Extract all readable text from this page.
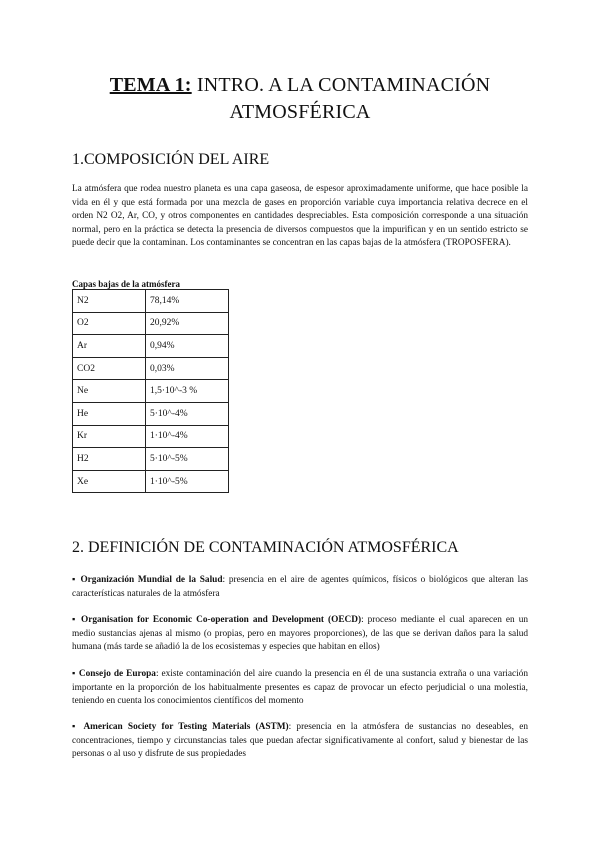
TEMA 1: INTRO. A LA CONTAMINACIÓN
ATMOSFÉRICA
1.COMPOSICIÓN DEL AIRE

La atmósfera que rodea nuestro planeta es una capa gaseosa, de espesor aproximadamente uniforme, que hace posible la vida en él y que está formada por una mezcla de gases en proporción variable cuya importancia relativa decrece en el orden N2 O2, Ar, CO, y otros componentes en cantidades despreciables. Esta composición corresponde a una situación normal, pero en la práctica se detecta la presencia de diversos compuestos que la impurifican y en un sentido estricto se puede decir que la contaminan. Los contaminantes se concentran en las capas bajas de la atmósfera (TROPOSFERA).

Capas bajas de la atmósfera
N2	78,14%
O2	20,92%
Ar	0,94%
CO2	0,03%
Ne	1,5·10^-3 %
He	5·10^-4%
Kr	1·10^-4%
H2	5·10^-5%
Xe	1·10^-5%
2. DEFINICIÓN DE CONTAMINACIÓN ATMOSFÉRICA

▪ Organización Mundial de la Salud: presencia en el aire de agentes químicos, físicos o biológicos que alteran las características naturales de la atmósfera

▪ Organisation for Economic Co-operation and Development (OECD): proceso mediante el cual aparecen en un medio sustancias ajenas al mismo (o propias, pero en mayores proporciones), de las que se derivan daños para la salud humana (más tarde se añadió la de los ecosistemas y especies que habitan en ellos)

▪ Consejo de Europa: existe contaminación del aire cuando la presencia en él de una sustancia extraña o una variación importante en la proporción de los habitualmente presentes es capaz de provocar un efecto perjudicial o una molestia, teniendo en cuenta los conocimientos científicos del momento

▪ American Society for Testing Materials (ASTM): presencia en la atmósfera de sustancias no deseables, en concentraciones, tiempo y circunstancias tales que puedan afectar significativamente al confort, salud y bienestar de las personas o al uso y disfrute de sus propiedades
